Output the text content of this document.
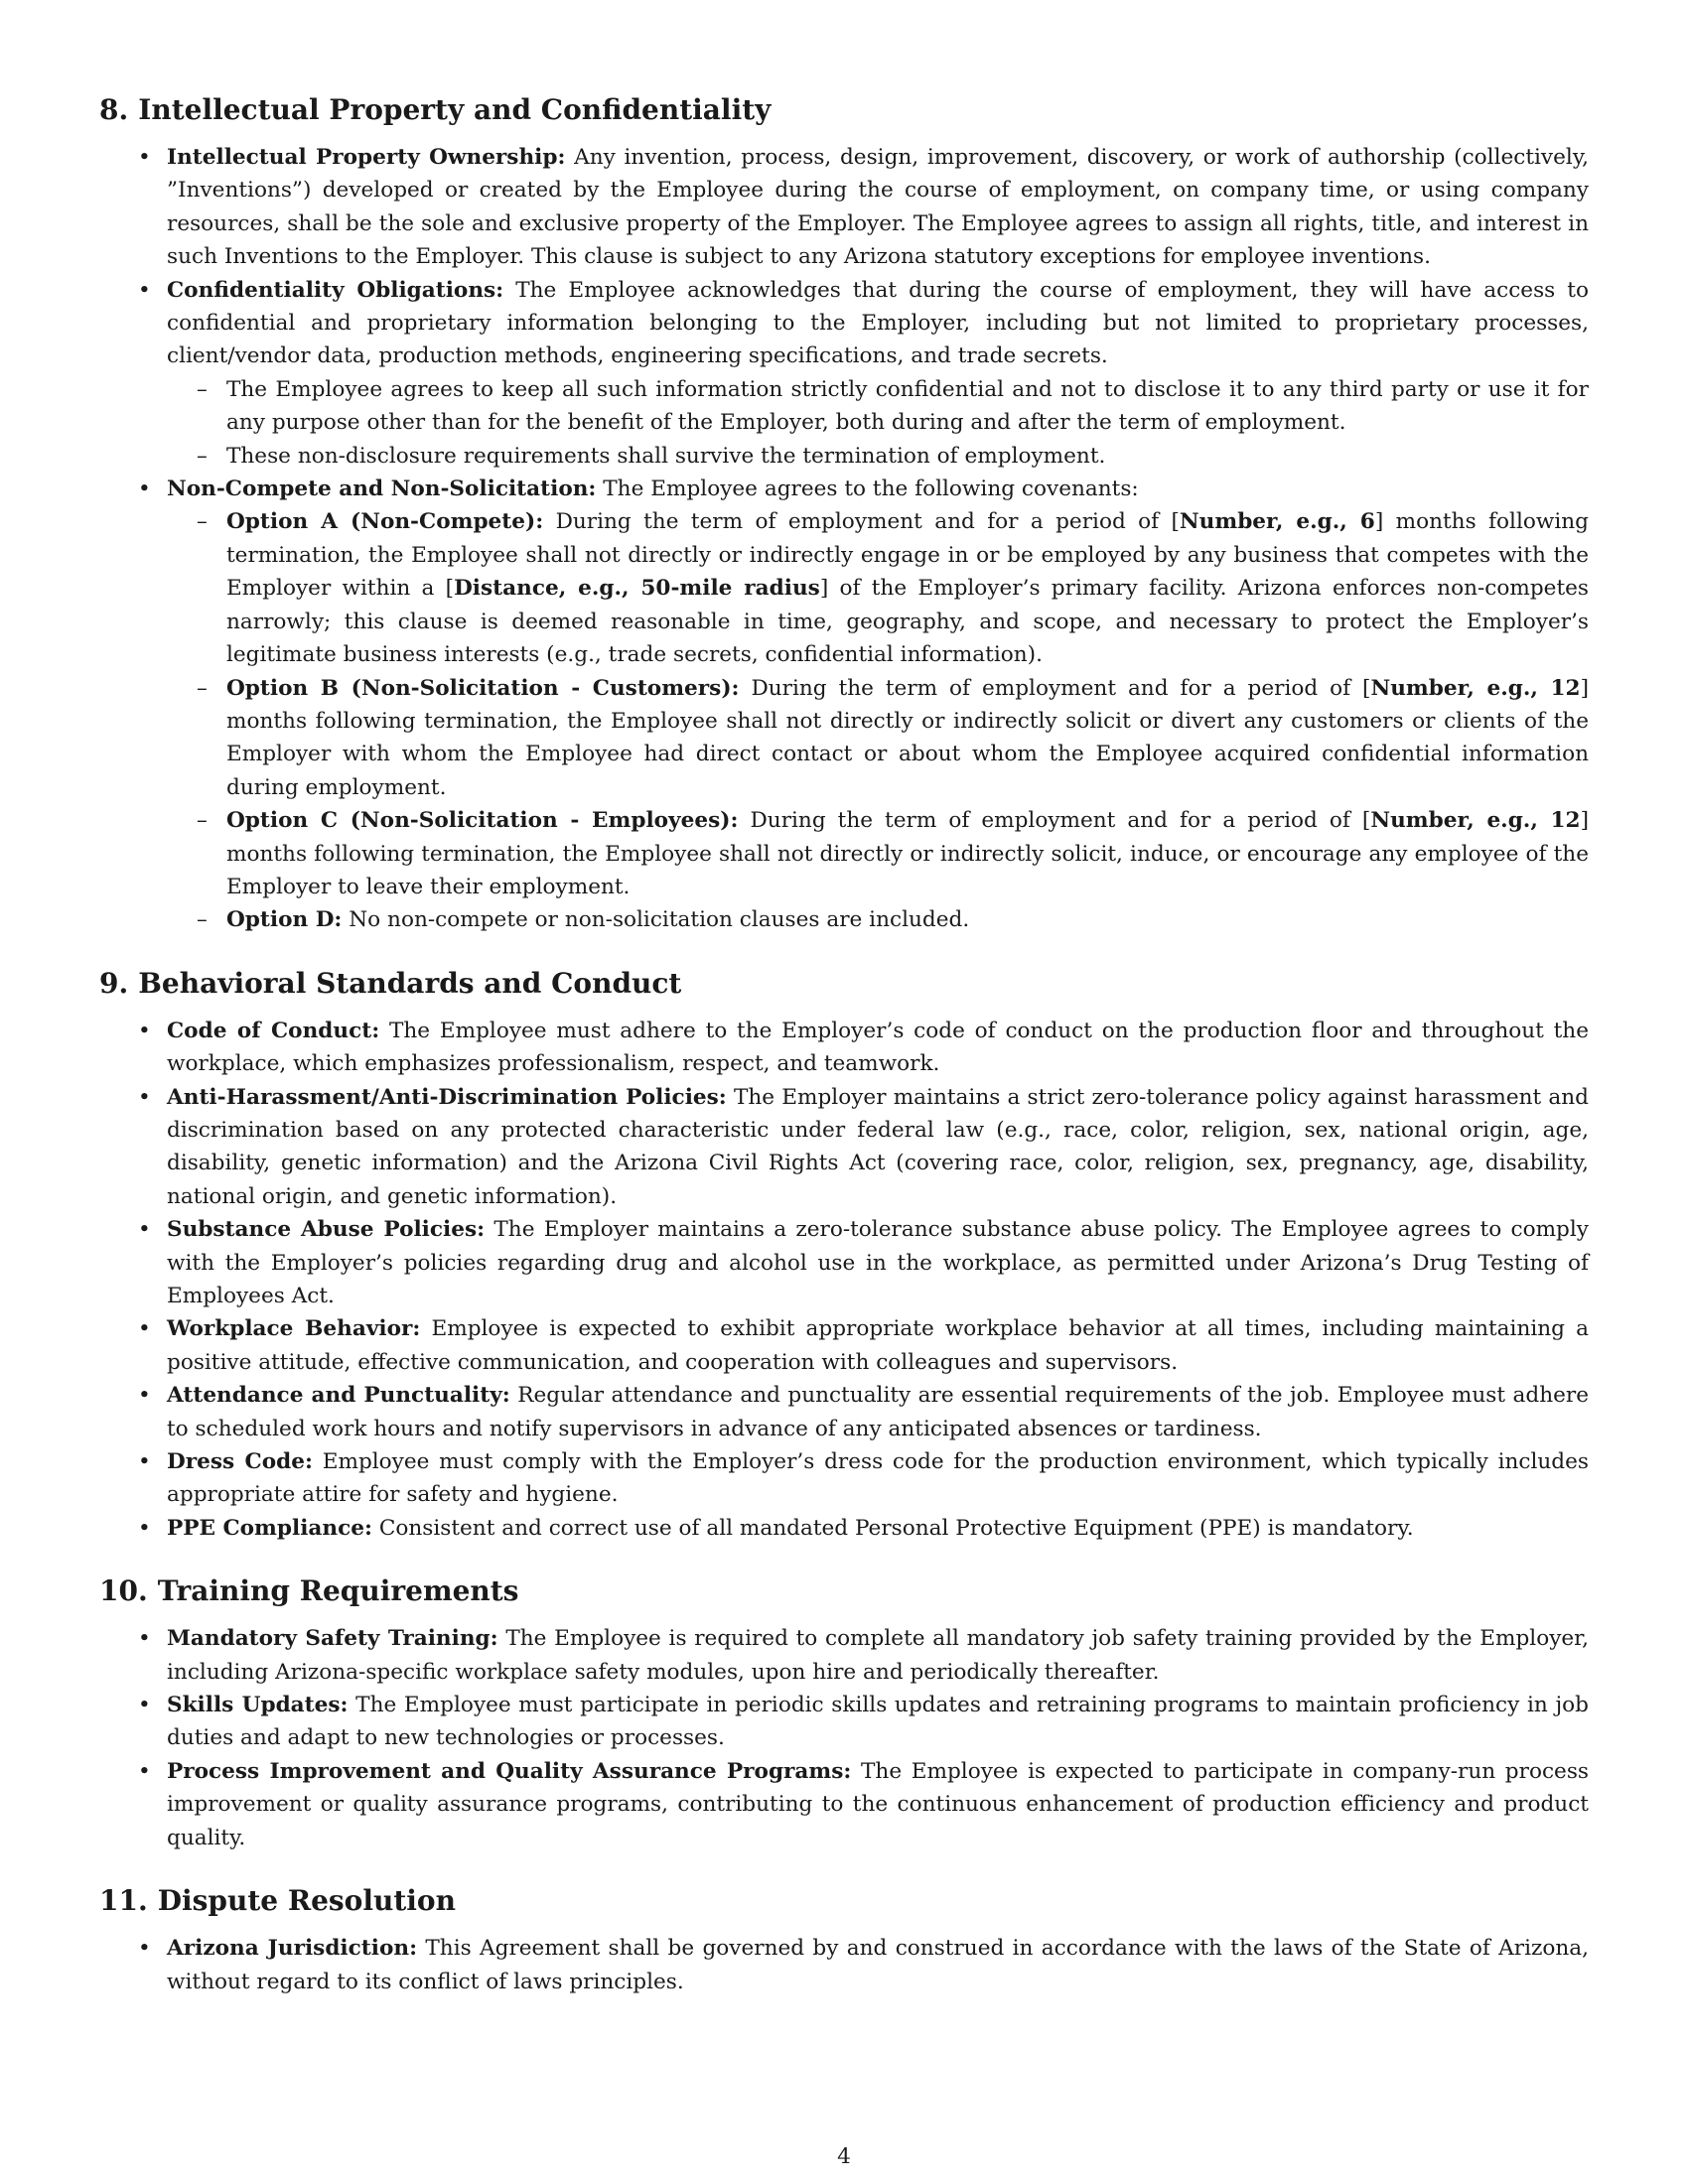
8. Intellectual Property and Confidentiality
• Intellectual Property Ownership: Any invention, process, design, improvement, discovery, or work of authorship (collectively, ”Inventions”) developed or created by the Employee during the course of employment, on company time, or using company resources, shall be the sole and exclusive property of the Employer. The Employee agrees to assign all rights, title, and interest in such Inventions to the Employer. This clause is subject to any Arizona statutory exceptions for employee inventions.
• Confidentiality Obligations: The Employee acknowledges that during the course of employment, they will have access to confidential and proprietary information belonging to the Employer, including but not limited to proprietary processes, client/vendor data, production methods, engineering specifications, and trade secrets.
– The Employee agrees to keep all such information strictly confidential and not to disclose it to any third party or use it for any purpose other than for the benefit of the Employer, both during and after the term of employment.
– These non-disclosure requirements shall survive the termination of employment.
• Non-Compete and Non-Solicitation: The Employee agrees to the following covenants:
– Option A (Non-Compete): During the term of employment and for a period of [Number, e.g., 6] months following termination, the Employee shall not directly or indirectly engage in or be employed by any business that competes with the Employer within a [Distance, e.g., 50-mile radius] of the Employer’s primary facility. Arizona enforces non-competes narrowly; this clause is deemed reasonable in time, geography, and scope, and necessary to protect the Employer’s legitimate business interests (e.g., trade secrets, confidential information).
– Option B (Non-Solicitation - Customers): During the term of employment and for a period of [Number, e.g., 12] months following termination, the Employee shall not directly or indirectly solicit or divert any customers or clients of the Employer with whom the Employee had direct contact or about whom the Employee acquired confidential information during employment.
– Option C (Non-Solicitation - Employees): During the term of employment and for a period of [Number, e.g., 12] months following termination, the Employee shall not directly or indirectly solicit, induce, or encourage any employee of the Employer to leave their employment.
– Option D: No non-compete or non-solicitation clauses are included.
9. Behavioral Standards and Conduct
• Code of Conduct: The Employee must adhere to the Employer’s code of conduct on the production floor and throughout the workplace, which emphasizes professionalism, respect, and teamwork.
• Anti-Harassment/Anti-Discrimination Policies: The Employer maintains a strict zero-tolerance policy against harassment and discrimination based on any protected characteristic under federal law (e.g., race, color, religion, sex, national origin, age, disability, genetic information) and the Arizona Civil Rights Act (covering race, color, religion, sex, pregnancy, age, disability, national origin, and genetic information).
• Substance Abuse Policies: The Employer maintains a zero-tolerance substance abuse policy. The Employee agrees to comply with the Employer’s policies regarding drug and alcohol use in the workplace, as permitted under Arizona’s Drug Testing of Employees Act.
• Workplace Behavior: Employee is expected to exhibit appropriate workplace behavior at all times, including maintaining a positive attitude, effective communication, and cooperation with colleagues and supervisors.
• Attendance and Punctuality: Regular attendance and punctuality are essential requirements of the job. Employee must adhere to scheduled work hours and notify supervisors in advance of any anticipated absences or tardiness.
• Dress Code: Employee must comply with the Employer’s dress code for the production environment, which typically includes appropriate attire for safety and hygiene.
• PPE Compliance: Consistent and correct use of all mandated Personal Protective Equipment (PPE) is mandatory.
10. Training Requirements
• Mandatory Safety Training: The Employee is required to complete all mandatory job safety training provided by the Employer, including Arizona-specific workplace safety modules, upon hire and periodically thereafter.
• Skills Updates: The Employee must participate in periodic skills updates and retraining programs to maintain proficiency in job duties and adapt to new technologies or processes.
• Process Improvement and Quality Assurance Programs: The Employee is expected to participate in company-run process improvement or quality assurance programs, contributing to the continuous enhancement of production efficiency and product quality.
11. Dispute Resolution
• Arizona Jurisdiction: This Agreement shall be governed by and construed in accordance with the laws of the State of Arizona, without regard to its conflict of laws principles.
4
